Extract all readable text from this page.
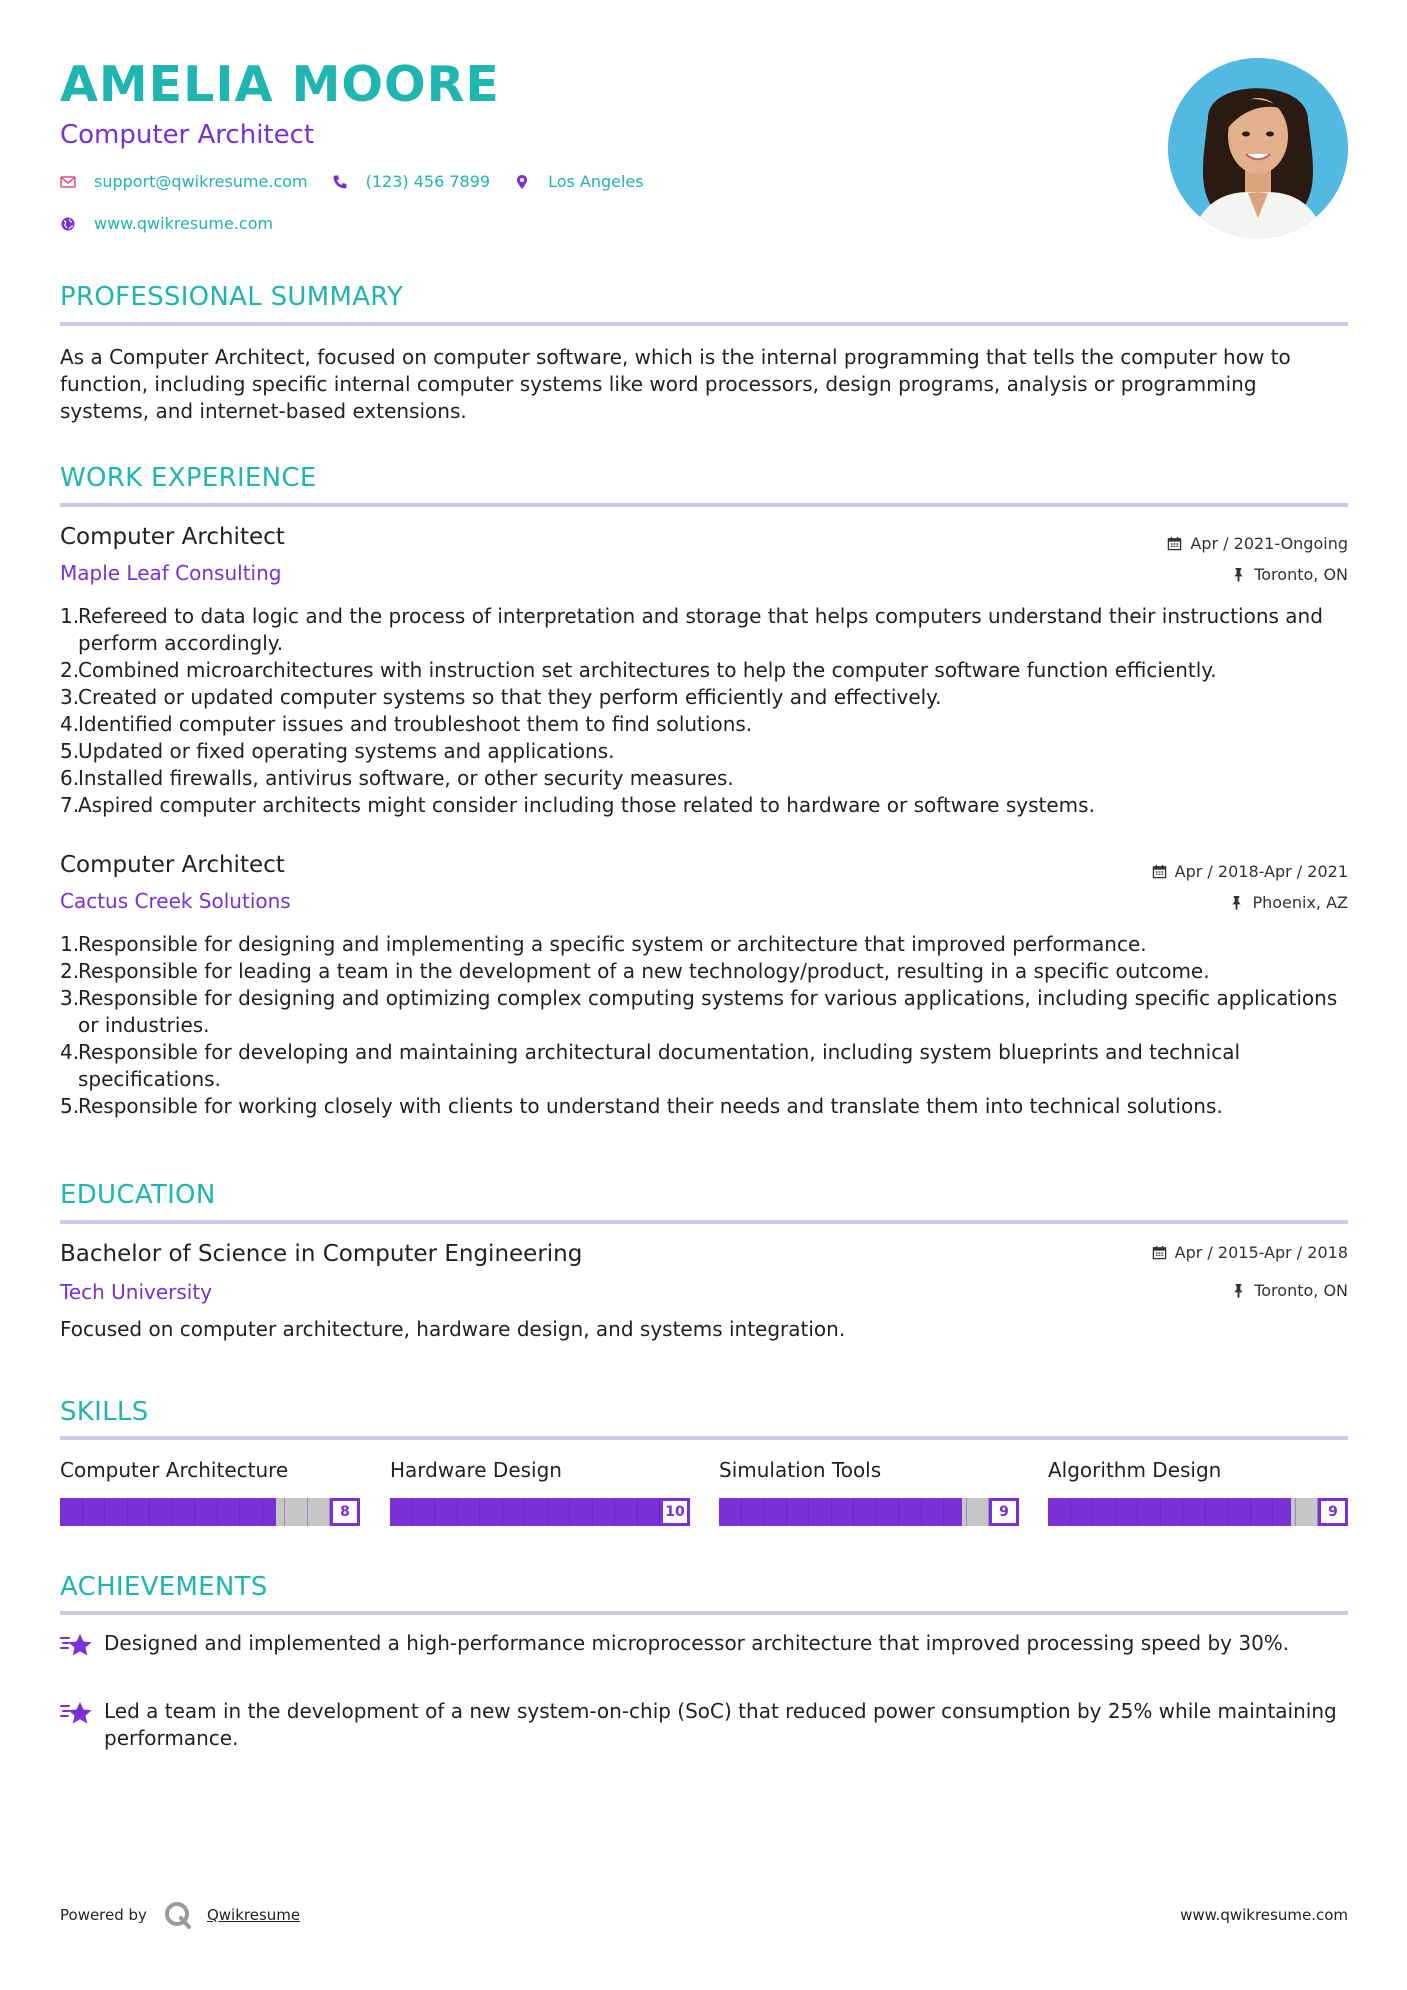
AMELIA MOORE
Computer Architect
support@qwikresume.com	(123) 456 7899	Los Angeles
www.qwikresume.com
PROFESSIONAL SUMMARY
As a Computer Architect, focused on computer software, which is the internal programming that tells the computer how to function, including specific internal computer systems like word processors, design programs, analysis or programming systems, and internet-based extensions.
WORK EXPERIENCE
Computer Architect	Apr / 2021-Ongoing
Maple Leaf Consulting	Toronto, ON
1.
Refereed to data logic and the process of interpretation and storage that helps computers understand their instructions and perform accordingly.
2.
Combined microarchitectures with instruction set architectures to help the computer software function efficiently.
3.
Created or updated computer systems so that they perform efficiently and effectively.
4.
Identified computer issues and troubleshoot them to find solutions.
5.
Updated or fixed operating systems and applications.
6.
Installed firewalls, antivirus software, or other security measures.
7.
Aspired computer architects might consider including those related to hardware or software systems.
Computer Architect	Apr / 2018-Apr / 2021
Cactus Creek Solutions	Phoenix, AZ
1.
Responsible for designing and implementing a specific system or architecture that improved performance.
2.
Responsible for leading a team in the development of a new technology/product, resulting in a specific outcome.
3.
Responsible for designing and optimizing complex computing systems for various applications, including specific applications or industries.
4.
Responsible for developing and maintaining architectural documentation, including system blueprints and technical specifications.
5.
Responsible for working closely with clients to understand their needs and translate them into technical solutions.
EDUCATION
Bachelor of Science in Computer Engineering	Apr / 2015-Apr / 2018
Tech University	Toronto, ON
Focused on computer architecture, hardware design, and systems integration.
SKILLS
Computer Architecture
8
Hardware Design
10
Simulation Tools
9
Algorithm Design
9
ACHIEVEMENTS
Designed and implemented a high-performance microprocessor architecture that improved processing speed by 30%.
Led a team in the development of a new system-on-chip (SoC) that reduced power consumption by 25% while maintaining performance.
Powered by	Qwikresume	www.qwikresume.com
